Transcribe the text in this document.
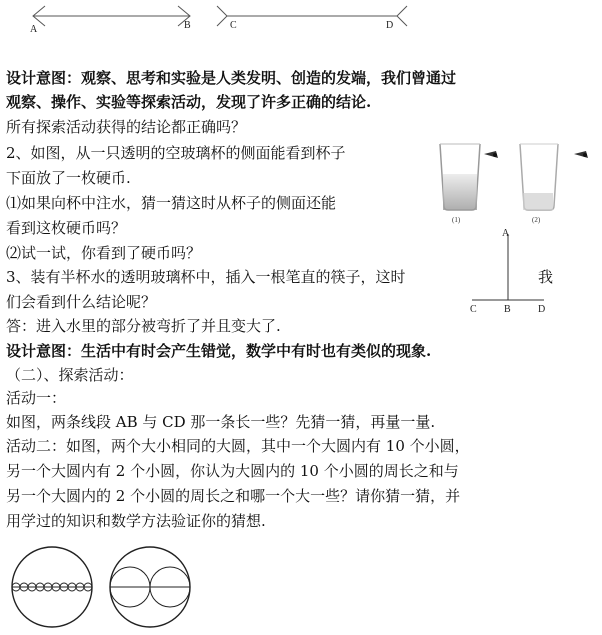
A	B	C	D
设计意图：观察、思考和实验是人类发明、创造的发端，我们曾通过
观察、操作、实验等探索活动，发现了许多正确的结论.
所有探索活动获得的结论都正确吗？
2、如图，从一只透明的空玻璃杯的侧面能看到杯子
下面放了一枚硬币.
⑴如果向杯中注水，猜一猜这时从杯子的侧面还能
看到这枚硬币吗？
⑵试一试，你看到了硬币吗？
3、装有半杯水的透明玻璃杯中，插入一根笔直的筷子，这时	我
们会看到什么结论呢？
答：进入水里的部分被弯折了并且变大了.
设计意图：生活中有时会产生错觉，数学中有时也有类似的现象.
（二）、探索活动：
活动一：
如图，两条线段 AB 与 CD 那一条长一些？先猜一猜，再量一量.
活动二：如图，两个大小相同的大圆，其中一个大圆内有 10 个小圆，
另一个大圆内有 2 个小圆，你认为大圆内的 10 个小圆的周长之和与
另一个大圆内的 2 个小圆的周长之和哪一个大一些？请你猜一猜，并
用学过的知识和数学方法验证你的猜想.
(1)	(2)
A
C	B	D
